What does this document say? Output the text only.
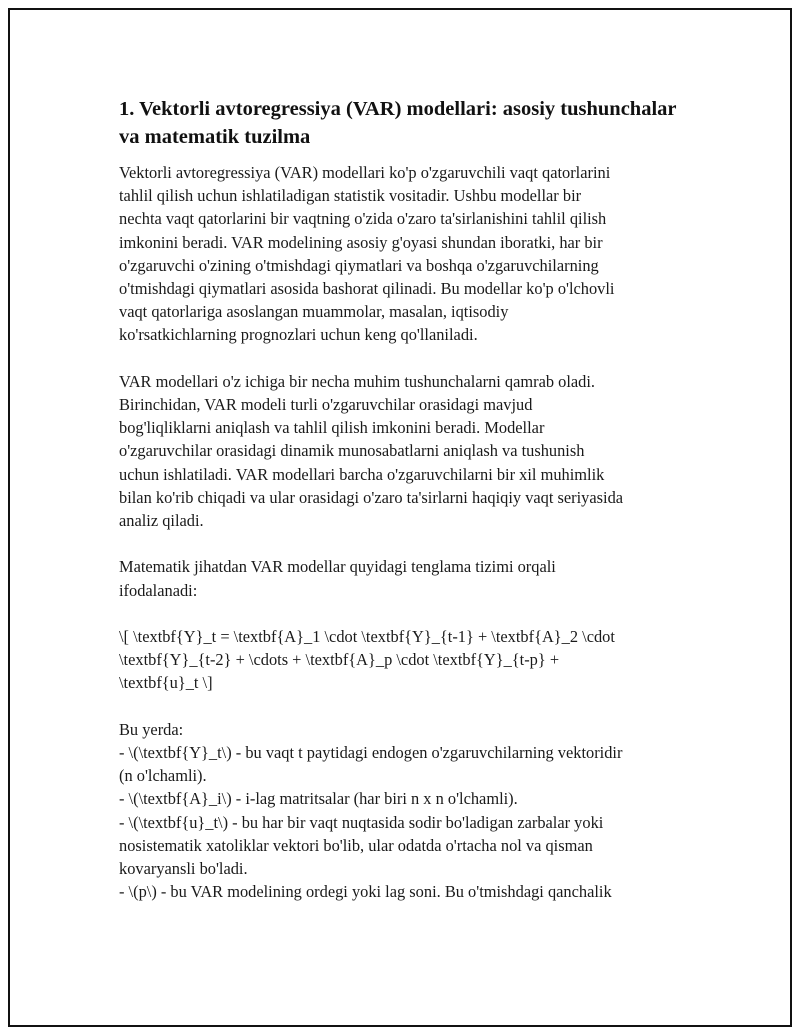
1. Vektorli avtoregressiya (VAR) modellari: asosiy tushunchalar va matematik tuzilma

Vektorli avtoregressiya (VAR) modellari ko'p o'zgaruvchili vaqt qatorlarini
tahlil qilish uchun ishlatiladigan statistik vositadir. Ushbu modellar bir
nechta vaqt qatorlarini bir vaqtning o'zida o'zaro ta'sirlanishini tahlil qilish
imkonini beradi. VAR modelining asosiy g'oyasi shundan iboratki, har bir
o'zgaruvchi o'zining o'tmishdagi qiymatlari va boshqa o'zgaruvchilarning
o'tmishdagi qiymatlari asosida bashorat qilinadi. Bu modellar ko'p o'lchovli
vaqt qatorlariga asoslangan muammolar, masalan, iqtisodiy
ko'rsatkichlarning prognozlari uchun keng qo'llaniladi.

VAR modellari o'z ichiga bir necha muhim tushunchalarni qamrab oladi.
Birinchidan, VAR modeli turli o'zgaruvchilar orasidagi mavjud
bog'liqliklarni aniqlash va tahlil qilish imkonini beradi. Modellar
o'zgaruvchilar orasidagi dinamik munosabatlarni aniqlash va tushunish
uchun ishlatiladi. VAR modellari barcha o'zgaruvchilarni bir xil muhimlik
bilan ko'rib chiqadi va ular orasidagi o'zaro ta'sirlarni haqiqiy vaqt seriyasida
analiz qiladi.

Matematik jihatdan VAR modellar quyidagi tenglama tizimi orqali
ifodalanadi:

\[ \textbf{Y}_t = \textbf{A}_1 \cdot \textbf{Y}_{t-1} + \textbf{A}_2 \cdot
\textbf{Y}_{t-2} + \cdots + \textbf{A}_p \cdot \textbf{Y}_{t-p} +
\textbf{u}_t \]

Bu yerda:
- \(\textbf{Y}_t\) - bu vaqt t paytidagi endogen o'zgaruvchilarning vektoridir
(n o'lchamli).
- \(\textbf{A}_i\) - i-lag matritsalar (har biri n x n o'lchamli).
- \(\textbf{u}_t\) - bu har bir vaqt nuqtasida sodir bo'ladigan zarbalar yoki
nosistematik xatoliklar vektori bo'lib, ular odatda o'rtacha nol va qisman
kovaryansli bo'ladi.
- \(p\) - bu VAR modelining ordegi yoki lag soni. Bu o'tmishdagi qanchalik
